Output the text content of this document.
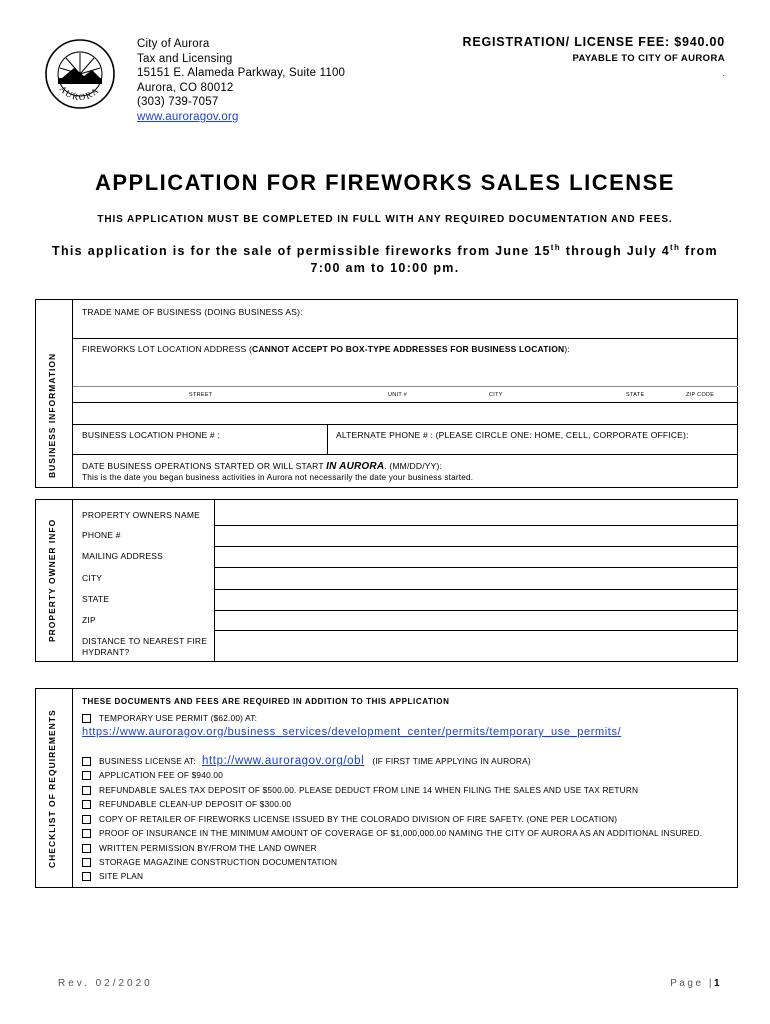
AURORA
City of Aurora
Tax and Licensing
15151 E. Alameda Parkway, Suite 1100
Aurora, CO 80012
(303) 739-7057
www.auroragov.org
REGISTRATION/ LICENSE FEE: $940.00
PAYABLE TO CITY OF AURORA
.
APPLICATION FOR FIREWORKS SALES LICENSE
THIS APPLICATION MUST BE COMPLETED IN FULL WITH ANY REQUIRED DOCUMENTATION AND FEES.
This application is for the sale of permissible fireworks from June 15th through July 4th from
7:00 am to 10:00 pm.
BUSINESS INFORMATION
TRADE NAME OF BUSINESS (DOING BUSINESS AS):
FIREWORKS LOT LOCATION ADDRESS (CANNOT ACCEPT PO BOX-TYPE ADDRESSES FOR BUSINESS LOCATION):
STREET	UNIT #	CITY	STATE	ZIP CODE
BUSINESS LOCATION PHONE # :	ALTERNATE PHONE # : (PLEASE CIRCLE ONE: HOME, CELL, CORPORATE OFFICE):
DATE BUSINESS OPERATIONS STARTED OR WILL START IN AURORA. (MM/DD/YY):
This is the date you began business activities in Aurora not necessarily the date your business started.
PROPERTY OWNER INFO
PROPERTY OWNERS NAME
PHONE #
MAILING ADDRESS
CITY
STATE
ZIP
DISTANCE TO NEAREST FIRE
HYDRANT?
CHECKLIST OF REQUIREMENTS
THESE DOCUMENTS AND FEES ARE REQUIRED IN ADDITION TO THIS APPLICATION
TEMPORARY USE PERMIT ($62.00) AT:
https://www.auroragov.org/business_services/development_center/permits/temporary_use_permits/
BUSINESS LICENSE AT: http://www.auroragov.org/obl (IF FIRST TIME APPLYING IN AURORA)
APPLICATION FEE OF $940.00
REFUNDABLE SALES TAX DEPOSIT OF $500.00. PLEASE DEDUCT FROM LINE 14 WHEN FILING THE SALES AND USE TAX RETURN
REFUNDABLE CLEAN-UP DEPOSIT OF $300.00
COPY OF RETAILER OF FIREWORKS LICENSE ISSUED BY THE COLORADO DIVISION OF FIRE SAFETY. (ONE PER LOCATION)
PROOF OF INSURANCE IN THE MINIMUM AMOUNT OF COVERAGE OF $1,000,000.00 NAMING THE CITY OF AURORA AS AN ADDITIONAL INSURED.
WRITTEN PERMISSION BY/FROM THE LAND OWNER
STORAGE MAGAZINE CONSTRUCTION DOCUMENTATION
SITE PLAN
Rev. 02/2020	Page |1
